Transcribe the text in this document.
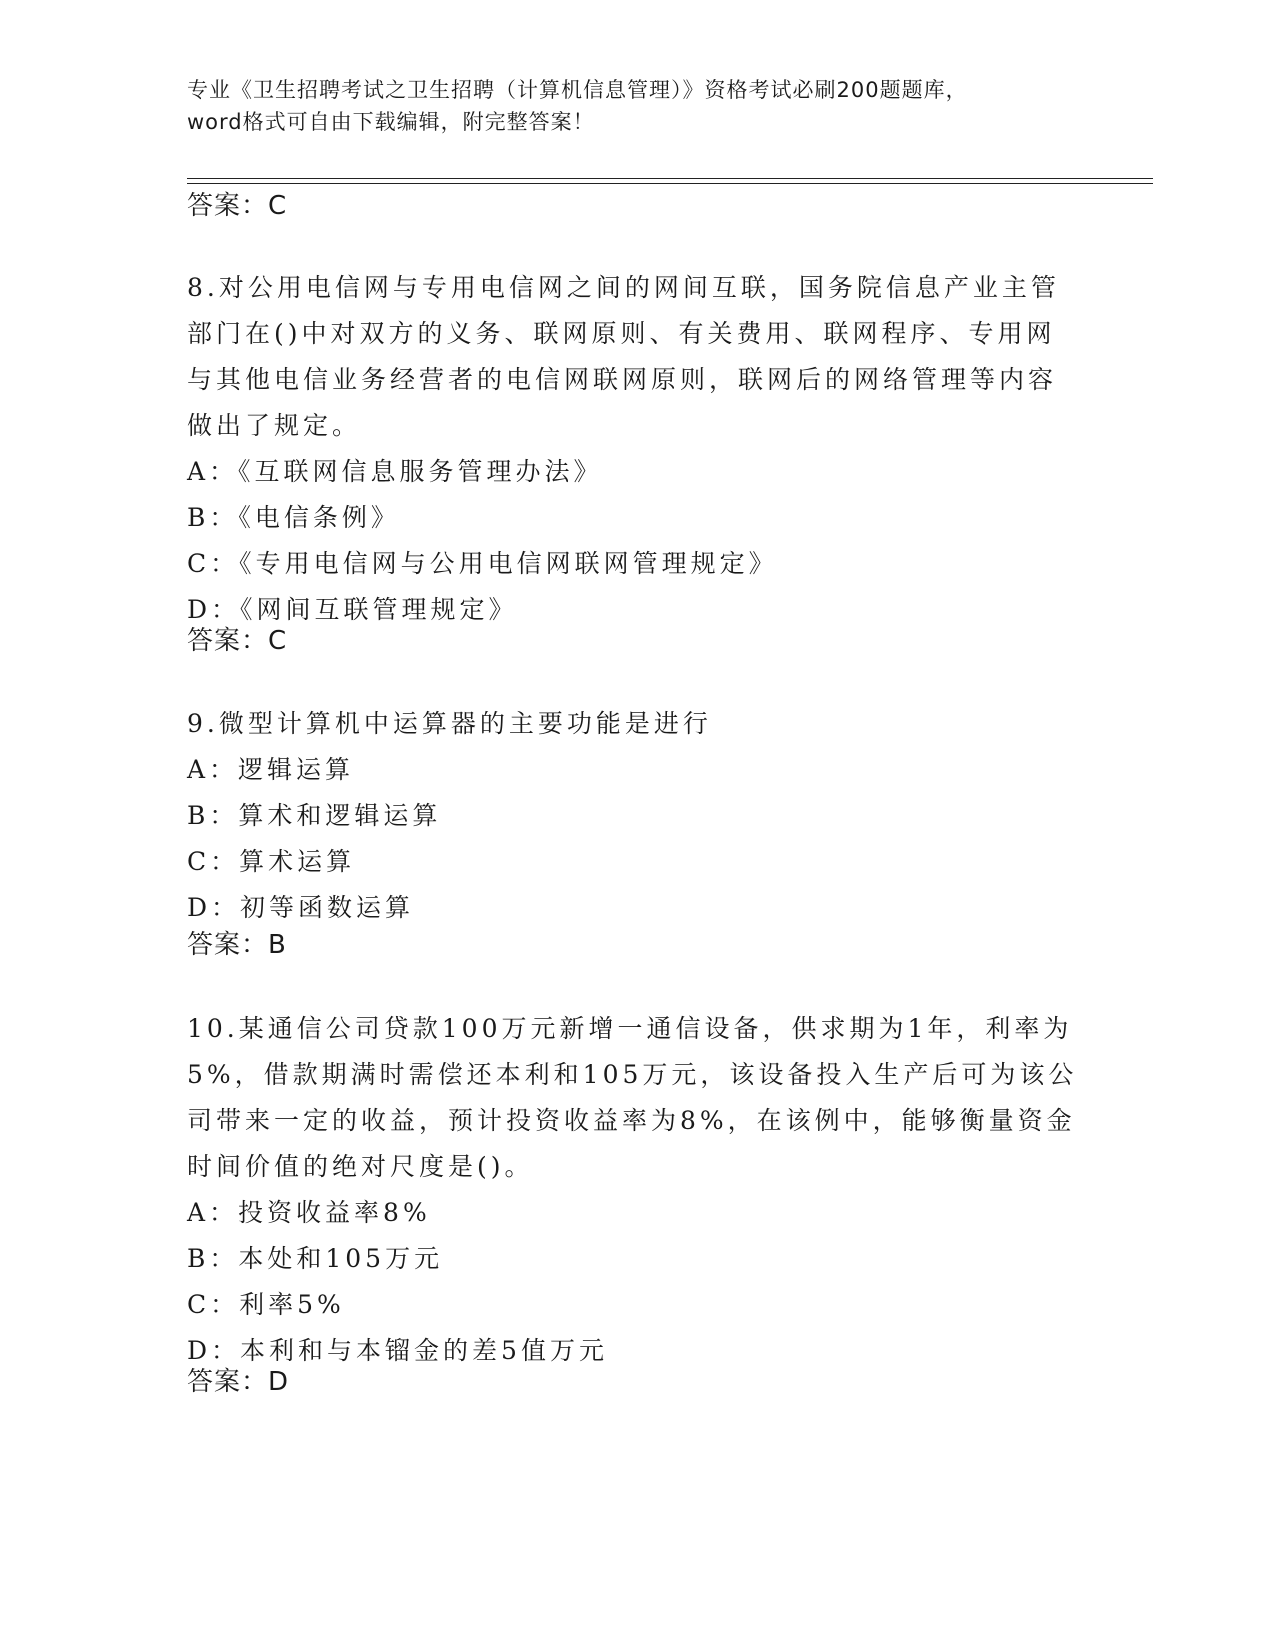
专业《卫生招聘考试之卫生招聘（计算机信息管理）》资格考试必刷200题题库，
word格式可自由下载编辑，附完整答案！
答案：C
8.对公用电信网与专用电信网之间的网间互联，国务院信息产业主管
部门在()中对双方的义务、联网原则、有关费用、联网程序、专用网
与其他电信业务经营者的电信网联网原则，联网后的网络管理等内容
做出了规定。
A：《互联网信息服务管理办法》
B：《电信条例》
C：《专用电信网与公用电信网联网管理规定》
D：《网间互联管理规定》
答案：C
9.微型计算机中运算器的主要功能是进行
A：逻辑运算
B：算术和逻辑运算
C：算术运算
D：初等函数运算
答案：B
10.某通信公司贷款100万元新增一通信设备，供求期为1年，利率为
5%，借款期满时需偿还本利和105万元，该设备投入生产后可为该公
司带来一定的收益，预计投资收益率为8%，在该例中，能够衡量资金
时间价值的绝对尺度是()。
A：投资收益率8%
B：本处和105万元
C：利率5%
D：本利和与本镏金的差5值万元
答案：D
